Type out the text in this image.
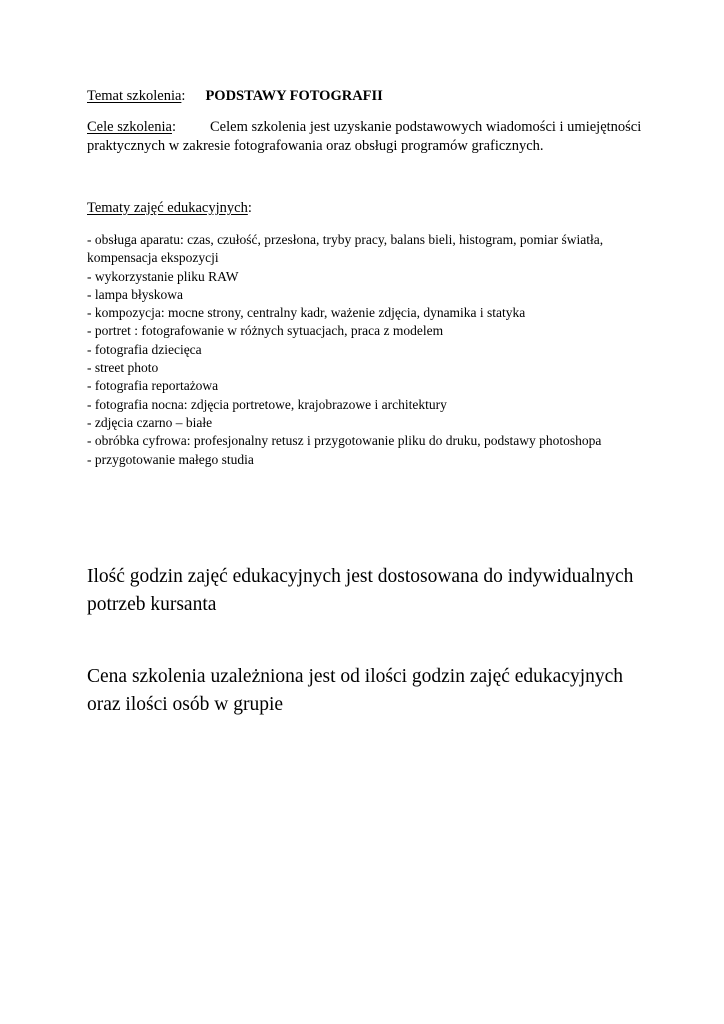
Temat szkolenia: PODSTAWY FOTOGRAFII
Cele szkolenia: Celem szkolenia jest uzyskanie podstawowych wiadomości i umiejętności praktycznych w zakresie fotografowania oraz obsługi programów graficznych.
Tematy zajęć edukacyjnych:
- obsługa aparatu: czas, czułość, przesłona, tryby pracy, balans bieli, histogram, pomiar światła, kompensacja ekspozycji
- wykorzystanie pliku RAW
- lampa błyskowa
- kompozycja: mocne strony, centralny kadr, ważenie zdjęcia, dynamika i statyka
- portret : fotografowanie w różnych sytuacjach, praca z modelem
- fotografia dziecięca
- street photo
- fotografia reportażowa
- fotografia nocna: zdjęcia portretowe, krajobrazowe i architektury
- zdjęcia czarno – białe
- obróbka cyfrowa: profesjonalny retusz i przygotowanie pliku do druku, podstawy photoshopa
- przygotowanie małego studia

Ilość godzin zajęć edukacyjnych jest dostosowana do indywidualnych potrzeb kursanta

Cena szkolenia uzależniona jest od ilości godzin zajęć edukacyjnych oraz ilości osób w grupie
